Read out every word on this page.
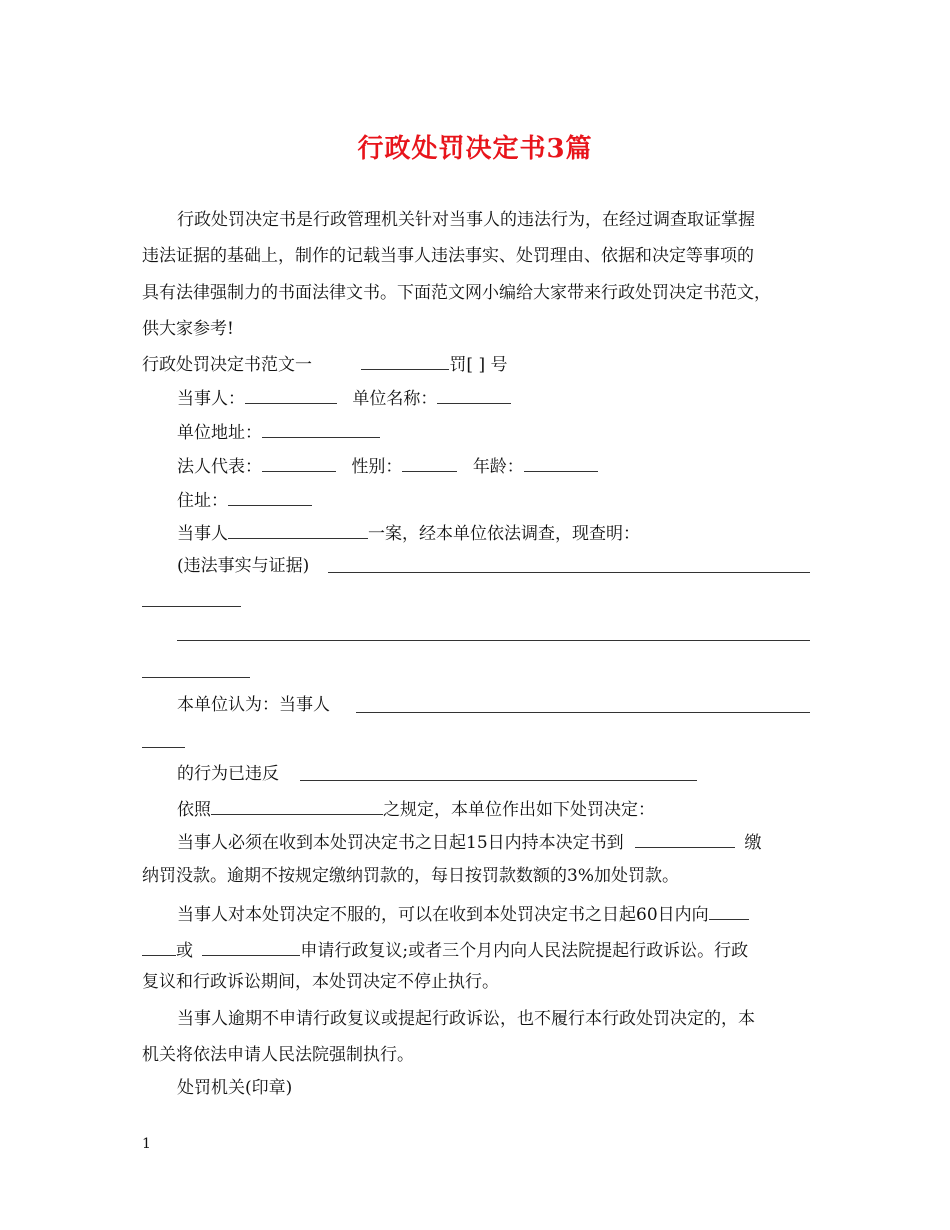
行政处罚决定书3篇
行政处罚决定书是行政管理机关针对当事人的违法行为，在经过调查取证掌握
违法证据的基础上，制作的记载当事人违法事实、处罚理由、依据和决定等事项的
具有法律强制力的书面法律文书。下面范文网小编给大家带来行政处罚决定书范文，
供大家参考!
行政处罚决定书范文一	罚[ ] 号
当事人：	单位名称：
单位地址：
法人代表：	性别：	年龄：
住址：
当事人	一案，经本单位依法调查，现查明：
(违法事实与证据)
本单位认为：当事人
的行为已违反
依照	之规定，本单位作出如下处罚决定：
当事人必须在收到本处罚决定书之日起15日内持本决定书到	缴
纳罚没款。逾期不按规定缴纳罚款的，每日按罚款数额的3%加处罚款。
当事人对本处罚决定不服的，可以在收到本处罚决定书之日起60日内向
或	申请行政复议;或者三个月内向人民法院提起行政诉讼。行政
复议和行政诉讼期间，本处罚决定不停止执行。
当事人逾期不申请行政复议或提起行政诉讼，也不履行本行政处罚决定的，本
机关将依法申请人民法院强制执行。
处罚机关(印章)
1
